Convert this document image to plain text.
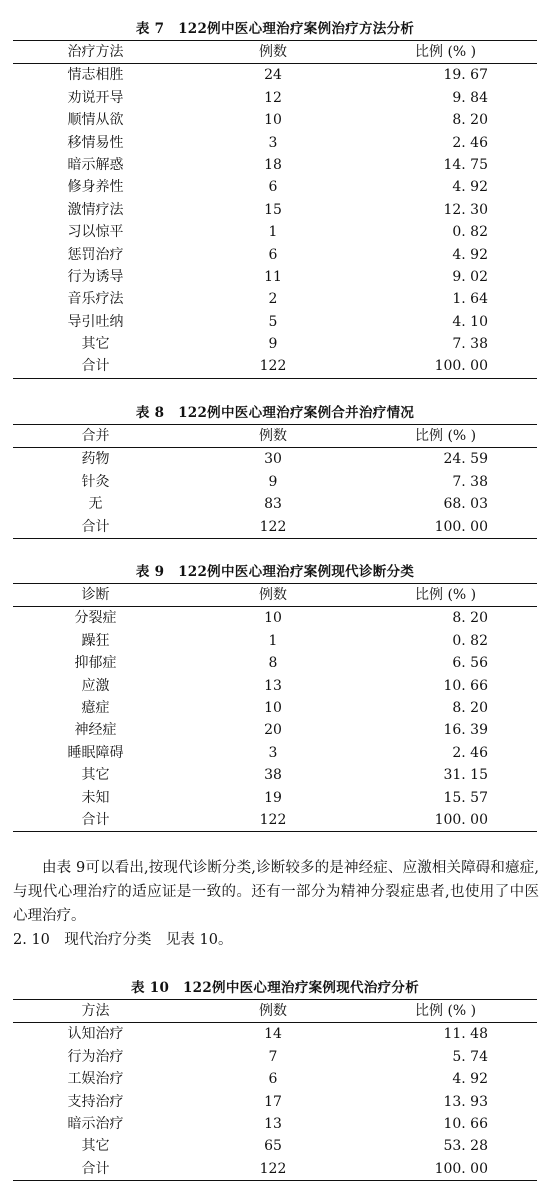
表 7　122例中医心理治疗案例治疗方法分析
治疗方法	例数	比例 (% )
情志相胜	24	19. 67
劝说开导	12	9. 84
顺情从欲	10	8. 20
移情易性	3	2. 46
暗示解惑	18	14. 75
修身养性	6	4. 92
激情疗法	15	12. 30
习以惊平	1	0. 82
惩罚治疗	6	4. 92
行为诱导	11	9. 02
音乐疗法	2	1. 64
导引吐纳	5	4. 10
其它	9	7. 38
合计	122	100. 00
表 8　122例中医心理治疗案例合并治疗情况
合并	例数	比例 (% )
药物	30	24. 59
针灸	9	7. 38
无	83	68. 03
合计	122	100. 00
表 9　122例中医心理治疗案例现代诊断分类
诊断	例数	比例 (% )
分裂症	10	8. 20
躁狂	1	0. 82
抑郁症	8	6. 56
应激	13	10. 66
癔症	10	8. 20
神经症	20	16. 39
睡眠障碍	3	2. 46
其它	38	31. 15
未知	19	15. 57
合计	122	100. 00

由表 9可以看出,按现代诊断分类,诊断较多的是神经症、应激相关障碍和癔症,与现代心理治疗的适应证是一致的。还有一部分为精神分裂症患者,也使用了中医心理治疗。

2. 10　现代治疗分类　见表 10。

表 10　122例中医心理治疗案例现代治疗分析
方法	例数	比例 (% )
认知治疗	14	11. 48
行为治疗	7	5. 74
工娱治疗	6	4. 92
支持治疗	17	13. 93
暗示治疗	13	10. 66
其它	65	53. 28
合计	122	100. 00
